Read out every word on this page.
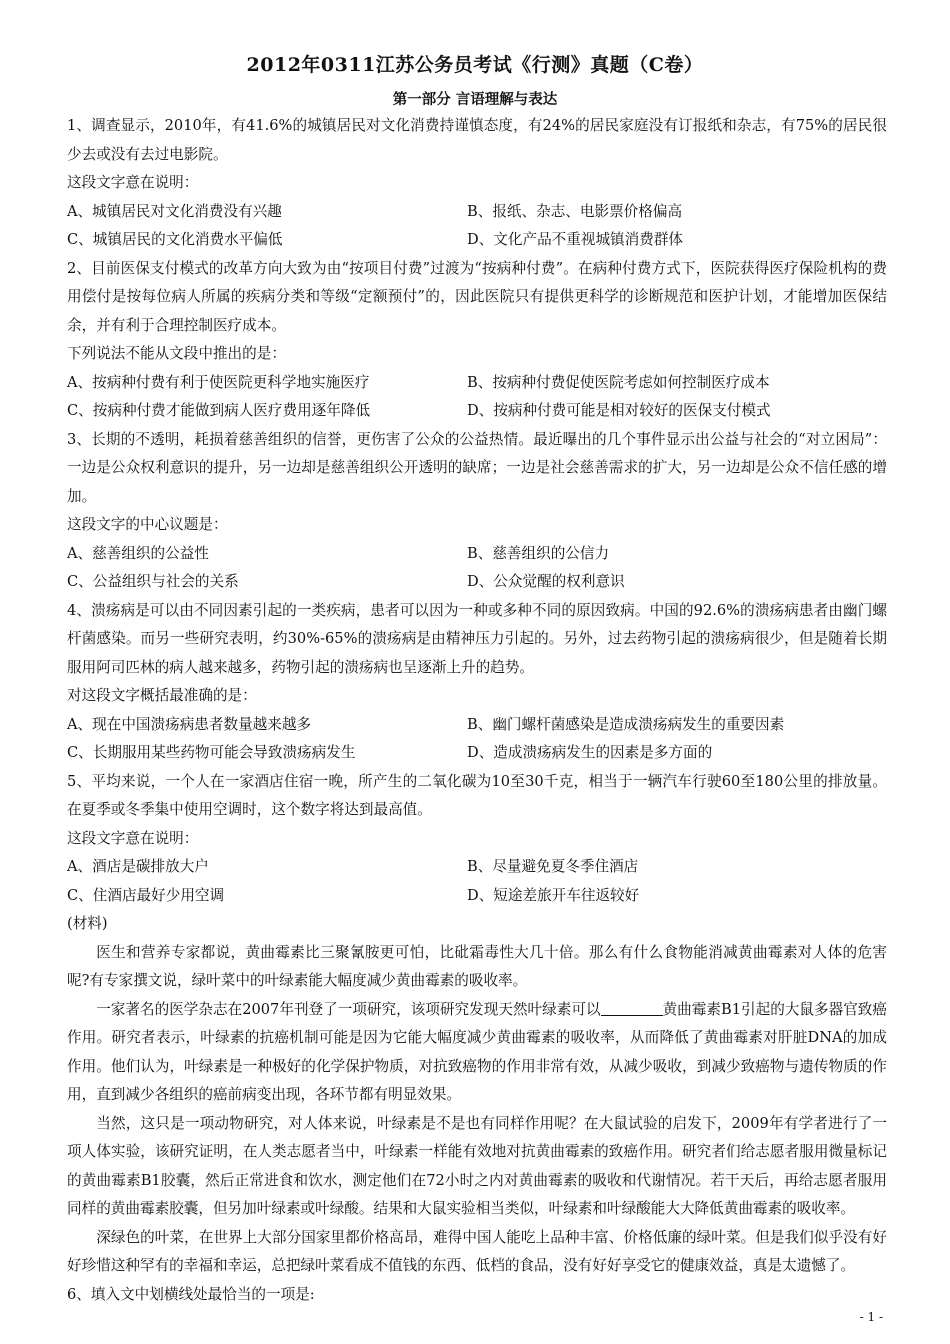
2012年0311江苏公务员考试《行测》真题（C卷）
第一部分 言语理解与表达

1、调查显示，2010年，有41.6%的城镇居民对文化消费持谨慎态度，有24%的居民家庭没有订报纸和杂志，有75%的居民很少去或没有去过电影院。

这段文字意在说明：

A、城镇居民对文化消费没有兴趣	B、报纸、杂志、电影票价格偏高
C、城镇居民的文化消费水平偏低	D、文化产品不重视城镇消费群体

2、目前医保支付模式的改革方向大致为由“按项目付费”过渡为“按病种付费”。在病种付费方式下，医院获得医疗保险机构的费用偿付是按每位病人所属的疾病分类和等级“定额预付”的，因此医院只有提供更科学的诊断规范和医护计划，才能增加医保结余，并有利于合理控制医疗成本。

下列说法不能从文段中推出的是：

A、按病种付费有利于使医院更科学地实施医疗	B、按病种付费促使医院考虑如何控制医疗成本
C、按病种付费才能做到病人医疗费用逐年降低	D、按病种付费可能是相对较好的医保支付模式

3、长期的不透明，耗损着慈善组织的信誉，更伤害了公众的公益热情。最近曝出的几个事件显示出公益与社会的“对立困局”：一边是公众权利意识的提升，另一边却是慈善组织公开透明的缺席；一边是社会慈善需求的扩大，另一边却是公众不信任感的增加。

这段文字的中心议题是：

A、慈善组织的公益性	B、慈善组织的公信力
C、公益组织与社会的关系	D、公众觉醒的权利意识

4、溃疡病是可以由不同因素引起的一类疾病，患者可以因为一种或多种不同的原因致病。中国的92.6%的溃疡病患者由幽门螺杆菌感染。而另一些研究表明，约30%-65%的溃疡病是由精神压力引起的。另外，过去药物引起的溃疡病很少，但是随着长期服用阿司匹林的病人越来越多，药物引起的溃疡病也呈逐渐上升的趋势。

对这段文字概括最准确的是：

A、现在中国溃疡病患者数量越来越多	B、幽门螺杆菌感染是造成溃疡病发生的重要因素
C、长期服用某些药物可能会导致溃疡病发生	D、造成溃疡病发生的因素是多方面的

5、平均来说，一个人在一家酒店住宿一晚，所产生的二氧化碳为10至30千克，相当于一辆汽车行驶60至180公里的排放量。在夏季或冬季集中使用空调时，这个数字将达到最高值。

这段文字意在说明：

A、酒店是碳排放大户	B、尽量避免夏冬季住酒店
C、住酒店最好少用空调	D、短途差旅开车往返较好

(材料)

医生和营养专家都说，黄曲霉素比三聚氰胺更可怕，比砒霜毒性大几十倍。那么有什么食物能消减黄曲霉素对人体的危害呢?有专家撰文说，绿叶菜中的叶绿素能大幅度减少黄曲霉素的吸收率。

一家著名的医学杂志在2007年刊登了一项研究，该项研究发现天然叶绿素可以	黄曲霉素B1引起的大鼠多器官致癌作用。研究者表示，叶绿素的抗癌机制可能是因为它能大幅度减少黄曲霉素的吸收率，从而降低了黄曲霉素对肝脏DNA的加成作用。他们认为，叶绿素是一种极好的化学保护物质，对抗致癌物的作用非常有效，从减少吸收，到减少致癌物与遗传物质的作用，直到减少各组织的癌前病变出现，各环节都有明显效果。

当然，这只是一项动物研究，对人体来说，叶绿素是不是也有同样作用呢？在大鼠试验的启发下，2009年有学者进行了一项人体实验，该研究证明，在人类志愿者当中，叶绿素一样能有效地对抗黄曲霉素的致癌作用。研究者们给志愿者服用微量标记的黄曲霉素B1胶囊，然后正常进食和饮水，测定他们在72小时之内对黄曲霉素的吸收和代谢情况。若干天后，再给志愿者服用同样的黄曲霉素胶囊，但另加叶绿素或叶绿酸。结果和大鼠实验相当类似，叶绿素和叶绿酸能大大降低黄曲霉素的吸收率。

深绿色的叶菜，在世界上大部分国家里都价格高昂，难得中国人能吃上品种丰富、价格低廉的绿叶菜。但是我们似乎没有好好珍惜这种罕有的幸福和幸运，总把绿叶菜看成不值钱的东西、低档的食品，没有好好享受它的健康效益，真是太遗憾了。

6、填入文中划横线处最恰当的一项是:

- 1 -
